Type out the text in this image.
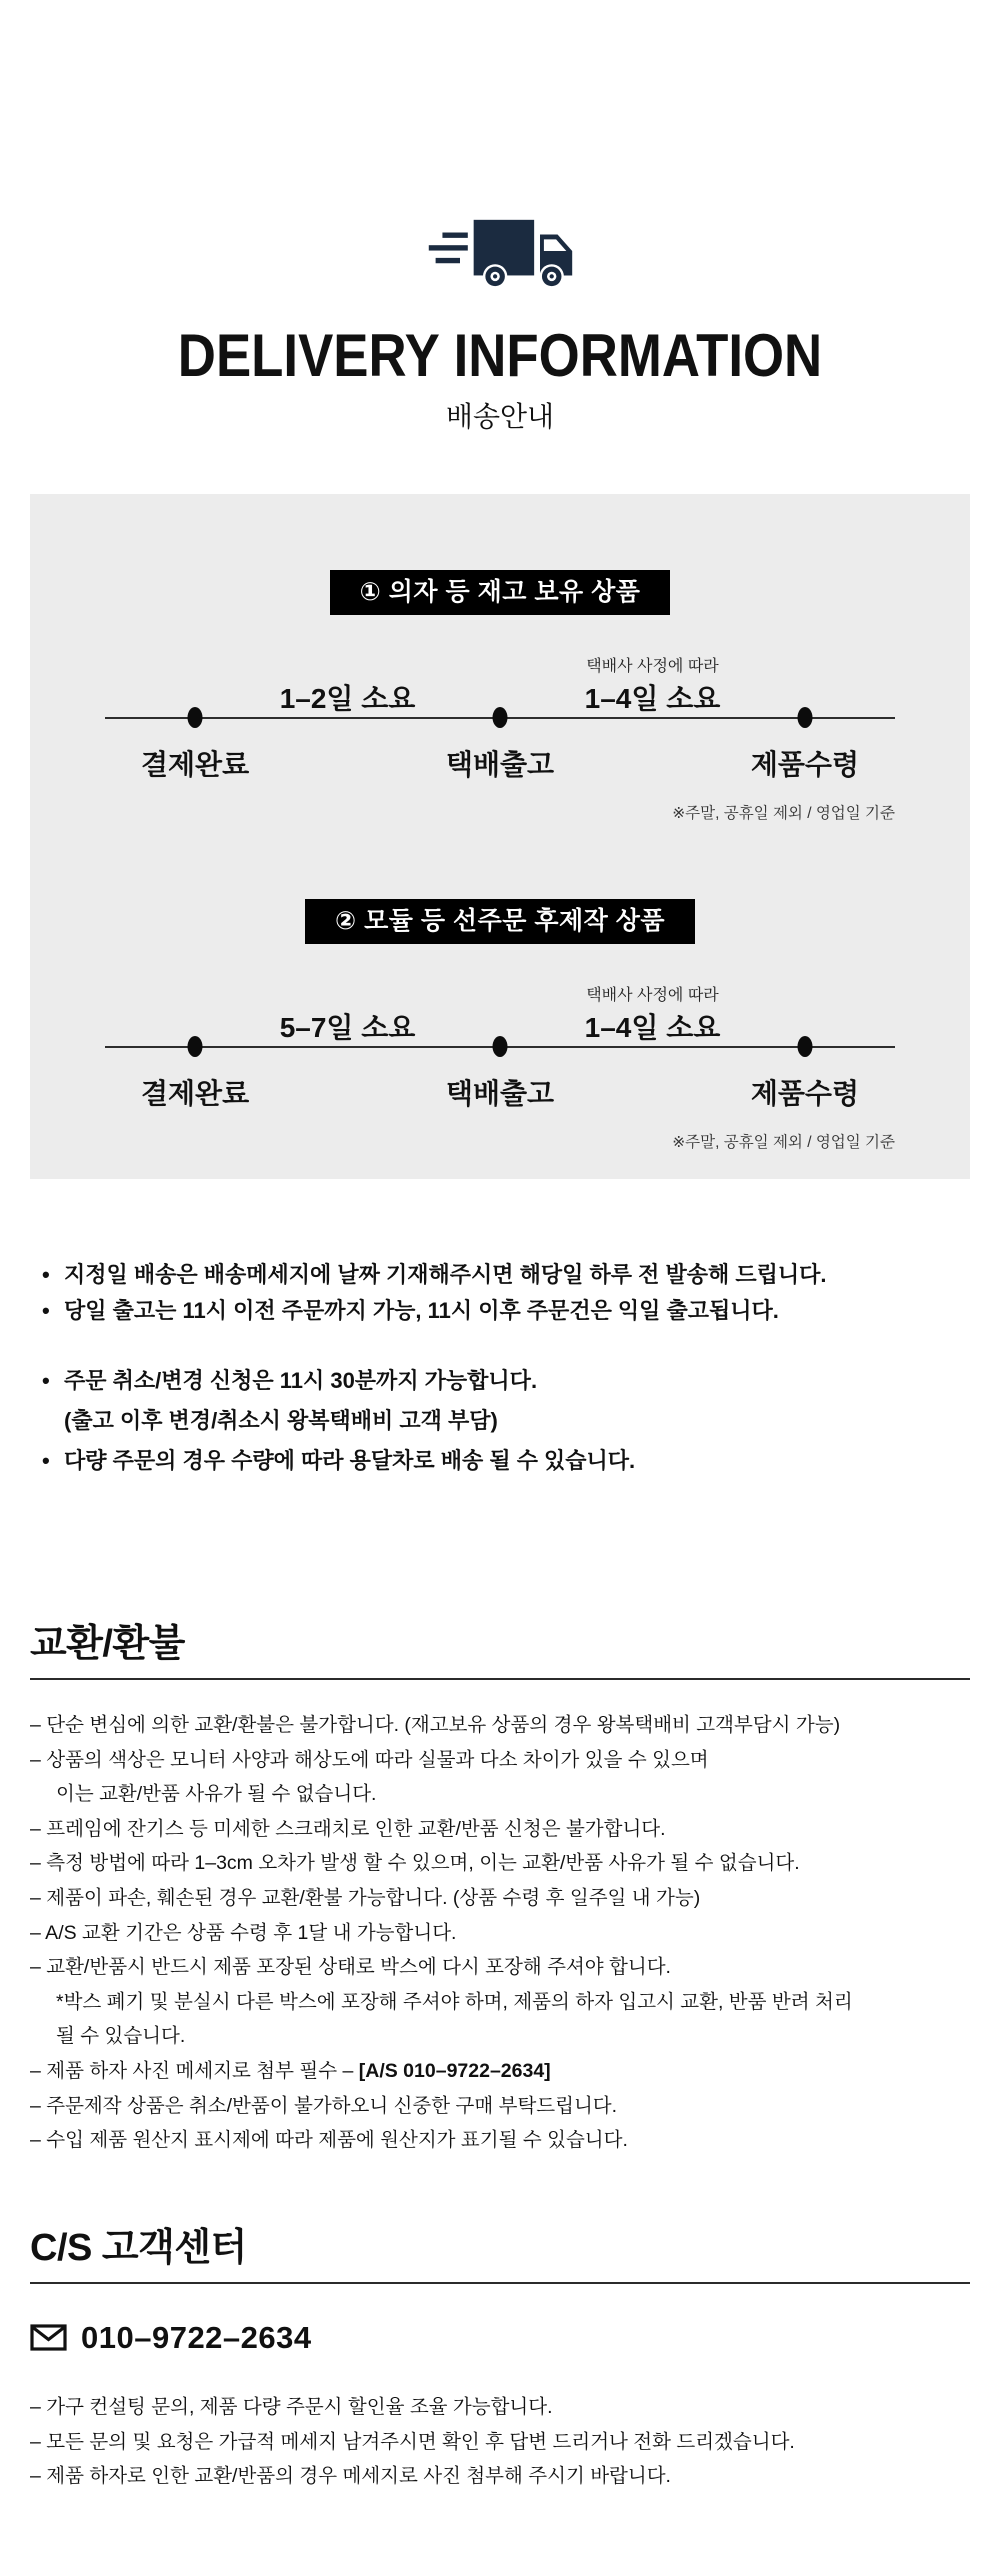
DELIVERY INFORMATION
배송안내
① 의자 등 재고 보유 상품
택배사 사정에 따라
1–2일 소요	1–4일 소요
결제완료	택배출고	제품수령
※주말, 공휴일 제외 / 영업일 기준
② 모듈 등 선주문 후제작 상품
택배사 사정에 따라
5–7일 소요	1–4일 소요
결제완료	택배출고	제품수령
※주말, 공휴일 제외 / 영업일 기준
• 지정일 배송은 배송메세지에 날짜 기재해주시면 해당일 하루 전 발송해 드립니다.
• 당일 출고는 11시 이전 주문까지 가능, 11시 이후 주문건은 익일 출고됩니다.
• 주문 취소/변경 신청은 11시 30분까지 가능합니다.
(출고 이후 변경/취소시 왕복택배비 고객 부담)
• 다량 주문의 경우 수량에 따라 용달차로 배송 될 수 있습니다.
교환/환불
– 단순 변심에 의한 교환/환불은 불가합니다. (재고보유 상품의 경우 왕복택배비 고객부담시 가능)
– 상품의 색상은 모니터 사양과 해상도에 따라 실물과 다소 차이가 있을 수 있으며
이는 교환/반품 사유가 될 수 없습니다.
– 프레임에 잔기스 등 미세한 스크래치로 인한 교환/반품 신청은 불가합니다.
– 측정 방법에 따라 1–3cm 오차가 발생 할 수 있으며, 이는 교환/반품 사유가 될 수 없습니다.
– 제품이 파손, 훼손된 경우 교환/환불 가능합니다. (상품 수령 후 일주일 내 가능)
– A/S 교환 기간은 상품 수령 후 1달 내 가능합니다.
– 교환/반품시 반드시 제품 포장된 상태로 박스에 다시 포장해 주셔야 합니다.
*박스 폐기 및 분실시 다른 박스에 포장해 주셔야 하며, 제품의 하자 입고시 교환, 반품 반려 처리
될 수 있습니다.
– 제품 하자 사진 메세지로 첨부 필수 – [A/S 010–9722–2634]
– 주문제작 상품은 취소/반품이 불가하오니 신중한 구매 부탁드립니다.
– 수입 제품 원산지 표시제에 따라 제품에 원산지가 표기될 수 있습니다.
C/S 고객센터
010–9722–2634
– 가구 컨설팅 문의, 제품 다량 주문시 할인율 조율 가능합니다.
– 모든 문의 및 요청은 가급적 메세지 남겨주시면 확인 후 답변 드리거나 전화 드리겠습니다.
– 제품 하자로 인한 교환/반품의 경우 메세지로 사진 첨부해 주시기 바랍니다.
